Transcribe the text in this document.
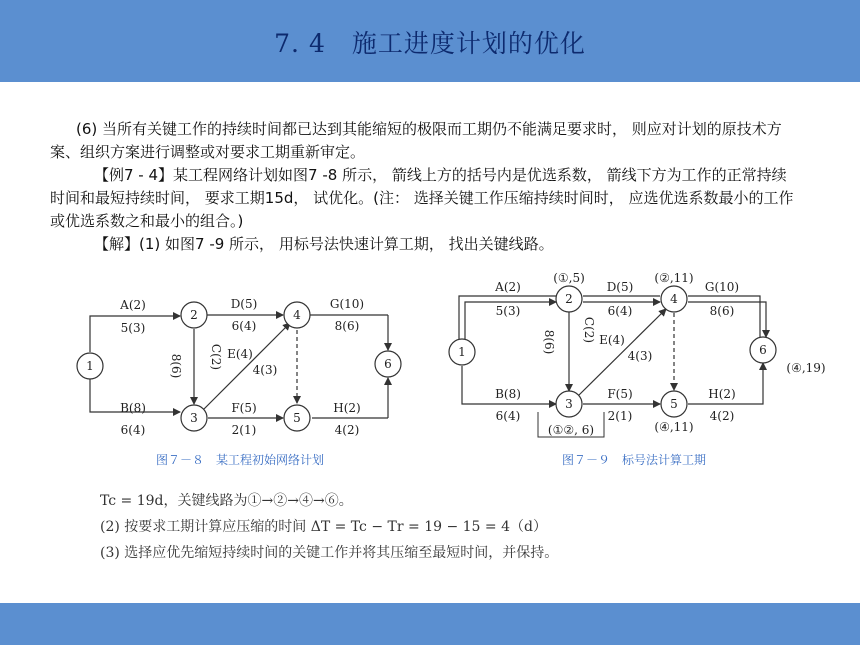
7. 4　施工进度计划的优化

(6) 当所有关键工作的持续时间都已达到其能缩短的极限而工期仍不能满足要求时， 则应对计划的原技术方案、组织方案进行调整或对要求工期重新审定。

【例7 - 4】某工程网络计划如图7 -8 所示， 箭线上方的括号内是优选系数， 箭线下方为工作的正常持续时间和最短持续时间， 要求工期15d， 试优化。(注： 选择关键工作压缩持续时间时， 应选优选系数最小的工作或优选系数之和最小的组合。)

【解】(1) 如图7 -9 所示， 用标号法快速计算工期， 找出关键线路。

1
2
3
4
5
6
A(2)
5(3)
B(8)
6(4)
D(5)
6(4)
F(5)
2(1)
G(10)
8(6)
H(2)
4(2)
E(4)
4(3)
C(2)
8(6)
图７－８　某工程初始网络计划
1
2
3
4
5
6
A(2)
5(3)
B(8)
6(4)
D(5)
6(4)
F(5)
2(1)
G(10)
8(6)
H(2)
4(2)
E(4)
4(3)
C(2)
8(6)
(①,5)	(②,11)
(①②, 6)	(④,11)
(④,19)
图７－９　标号法计算工期
Tc = 19d，关键线路为①→②→④→⑥。
(2) 按要求工期计算应压缩的时间 ΔT = Tc − Tr = 19 − 15 = 4（d）
(3) 选择应优先缩短持续时间的关键工作并将其压缩至最短时间，并保持。
